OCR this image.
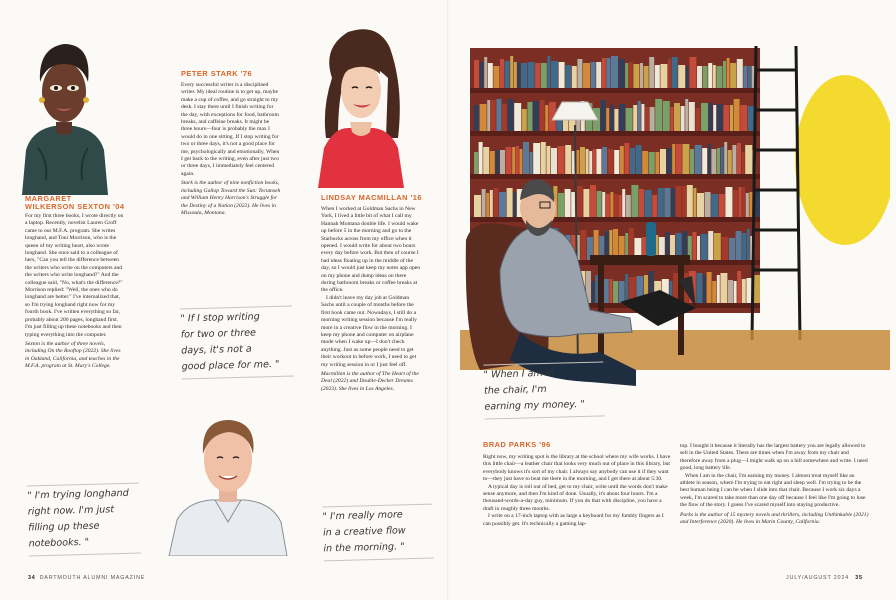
MARGARET
WILKERSON SEXTON '04

For my first three books, I wrote directly on a laptop. Recently, novelist Lauren Groff came to our M.F.A. program. She writes longhand, and Toni Morrison, who is the queen of my writing heart, also wrote longhand. She once said to a colleague of hers, "Can you tell the difference between the writers who write on the computers and the writers who write longhand?" And the colleague said, "No, what's the difference?" Morrison replied: "Well, the ones who do longhand are better." I've internalized that, so I'm trying longhand right now for my fourth book. I've written everything so far, probably about 200 pages, longhand first. I'm just filling up these notebooks and then typing everything into the computer.

Sexton is the author of three novels, including On the Rooftop (2022). She lives in Oakland, California, and teaches in the M.F.A. program at St. Mary's College.

" I'm trying longhand
right now. I'm just
filling up these
notebooks. "
PETER STARK '76

Every successful writer is a disciplined writer. My ideal routine is to get up, maybe make a cup of coffee, and go straight to my desk. I stay there until I finish writing for the day, with exceptions for food, bathroom breaks, and caffeine breaks. It might be three hours—four is probably the max I would do in one sitting. If I stop writing for two or three days, it's not a good place for me, psychologically and emotionally. When I get back to the writing, even after just two or three days, I immediately feel centered again.

Stark is the author of nine nonfiction books, including Gallop Toward the Sun: Tecumseh and William Henry Harrison's Struggle for the Destiny of a Nation (2022). He lives in Missoula, Montana.

" If I stop writing
for two or three
days, it's not a
good place for me. "
LINDSAY MACMILLAN '16

When I worked at Goldman Sachs in New York, I lived a little bit of what I call my Hannah Montana double life. I would wake up before 5 in the morning and go to the Starbucks across from my office when it opened. I would write for about two hours every day before work. But then of course I had ideas floating up in the middle of the day, so I would just keep my notes app open on my phone and dump ideas on there during bathroom breaks or coffee breaks at the office.

I didn't leave my day job at Goldman Sachs until a couple of months before the first book came out. Nowadays, I still do a morning writing session because I'm really more in a creative flow in the morning. I keep my phone and computer on airplane mode when I wake up—I don't check anything. Just as some people need to get their workout in before work, I need to get my writing session in or I just feel off.

Macmillan is the author of The Heart of the Deal (2022) and Double-Decker Dreams (2023). She lives in Los Angeles.

" I'm really more
in a creative flow
in the morning. "
34 DARTMOUTH ALUMNI MAGAZINE
" When I am in
the chair, I'm
earning my money. "
BRAD PARKS '96

Right now, my writing spot is the library at the school where my wife works. I have this little chair—a leather chair that looks very much out of place in this library, but everybody knows it's sort of my chair. I always say anybody can use it if they want to—they just have to beat me there in the morning, and I get there at about 5:30.

A typical day is roll out of bed, get to my chair, write until the words don't make sense anymore, and then I'm kind of done. Usually, it's about four hours. I'm a thousand-words-a-day guy, minimum. If you do that with discipline, you have a draft in roughly three months.

I write on a 17-inch laptop with as large a keyboard for my fumbly fingers as I can possibly get. It's technically a gaming lap-

top. I bought it because it literally has the largest battery you are legally allowed to sell in the United States. There are times when I'm away from my chair and therefore away from a plug—I might walk up on a hill somewhere and write. I need good, long battery life.

When I am in the chair, I'm earning my money. I almost treat myself like an athlete in season, where I'm trying to eat right and sleep well. I'm trying to be the best human being I can be when I slide into that chair. Because I work six days a week, I'm scared to take more than one day off because I feel like I'm going to lose the flow of the story. I guess I've scared myself into staying productive.

Parks is the author of 15 mystery novels and thrillers, including Unthinkable (2021) and Interference (2020). He lives in Marin County, California.

JULY/AUGUST 2024 35
